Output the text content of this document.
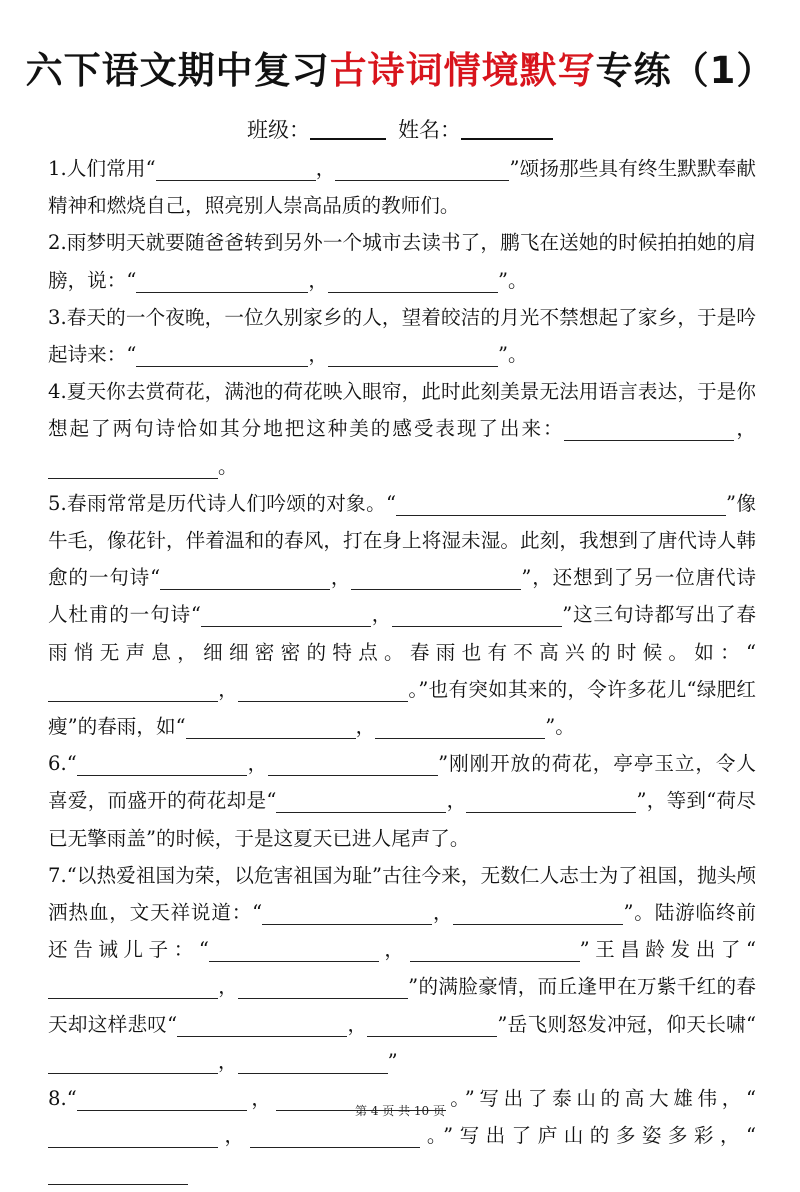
六下语文期中复习古诗词情境默写专练（1）
班级：	姓名：

1.人们常用“	，	”颂扬那些具有终生默默奉献精神和燃烧自己，照亮别人崇高品质的教师们。

2.雨梦明天就要随爸爸转到另外一个城市去读书了，鹏飞在送她的时候拍拍她的肩膀，说：“	，	”。

3.春天的一个夜晚，一位久别家乡的人，望着皎洁的月光不禁想起了家乡，于是吟起诗来：“	，	”。

4.夏天你去赏荷花，满池的荷花映入眼帘，此时此刻美景无法用语言表达，于是你想起了两句诗恰如其分地把这种美的感受表现了出来：	，。

5.春雨常常是历代诗人们吟颂的对象。“	”像牛毛，像花针，伴着温和的春风，打在身上将湿未湿。此刻，我想到了唐代诗人韩愈的一句诗“	，	”，还想到了另一位唐代诗人杜甫的一句诗“	，	”这三句诗都写出了春雨悄无声息，细细密密的特点。春雨也有不高兴的时候。如：“，	。”也有突如其来的，令许多花儿“绿肥红瘦”的春雨，如“	，	”。

6.“	，	”刚刚开放的荷花，亭亭玉立，令人喜爱，而盛开的荷花却是“	，	”，等到“荷尽已无擎雨盖”的时候，于是这夏天已进人尾声了。

7.“以热爱祖国为荣，以危害祖国为耻”古往今来，无数仁人志士为了祖国，抛头颅洒热血，文天祥说道：“	，	”。陆游临终前还告诫儿子：“	，	”王昌龄发出了“，	”的满脸豪情，而丘逢甲在万紫千红的春天却这样悲叹“	，	”岳飞则怒发冲冠，仰天长啸“，	”

8.“	，	。”写出了泰山的高大雄伟，“，	。”写出了庐山的多姿多彩，“

第 4 页 共 10 页
